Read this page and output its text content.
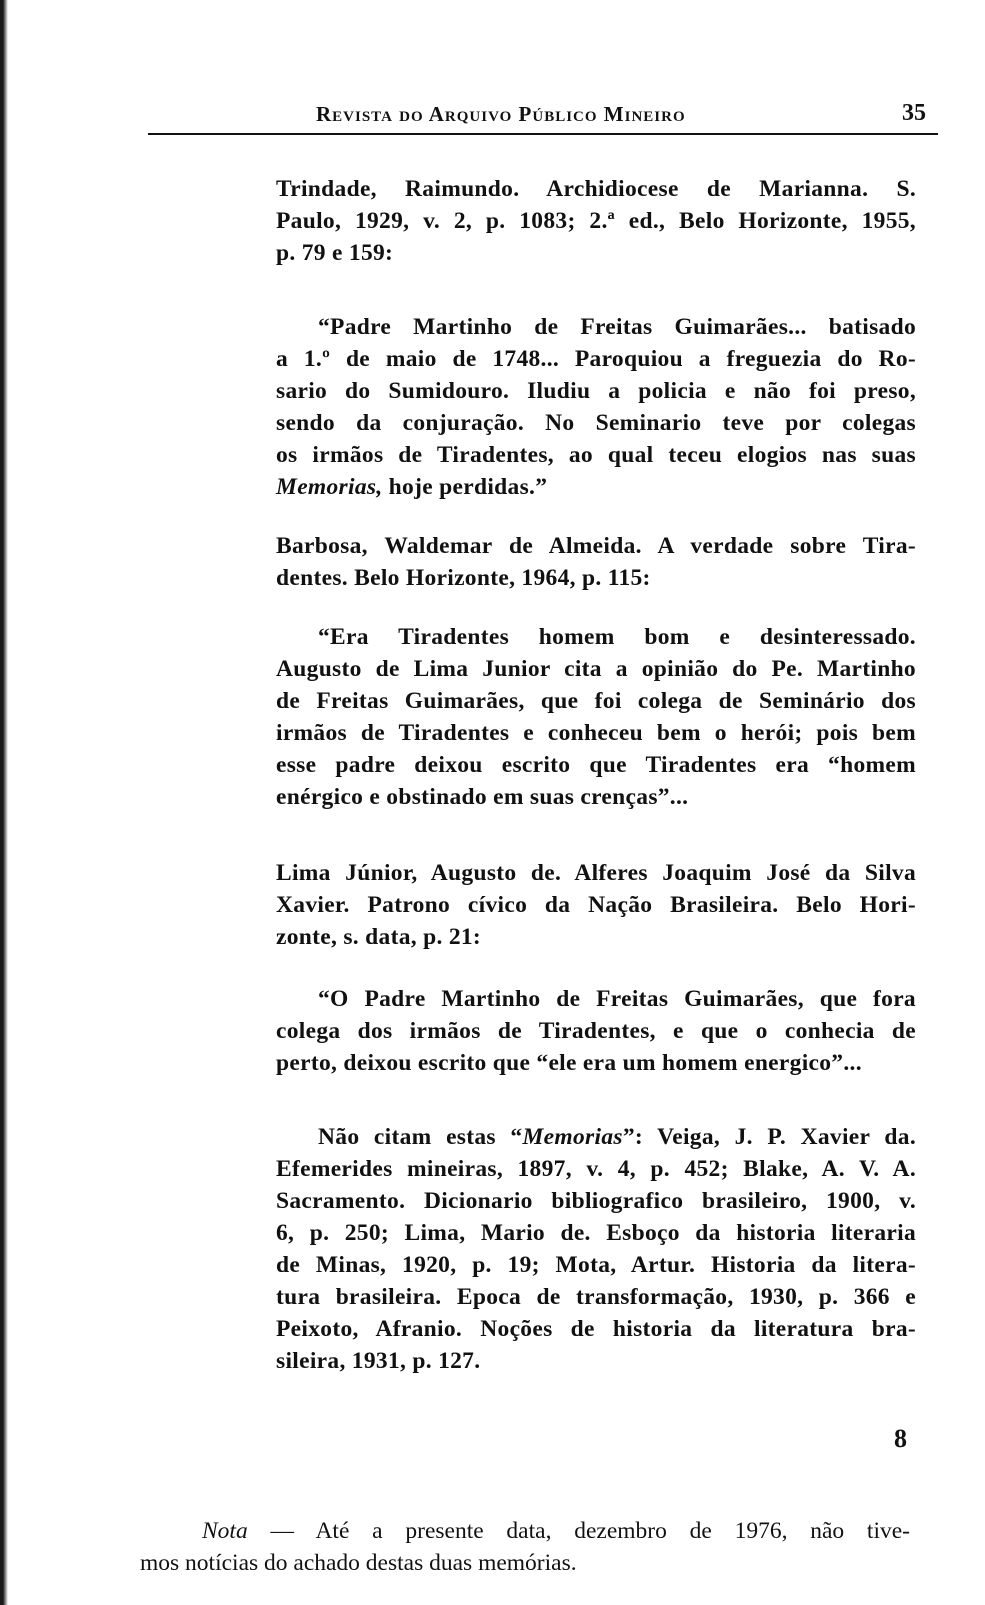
Revista do Arquivo Público Mineiro	35
Trindade, Raimundo. Archidiocese de Marianna. S.
Paulo, 1929, v. 2, p. 1083; 2.ª ed., Belo Horizonte, 1955,
p. 79 e 159:
“Padre Martinho de Freitas Guimarães... batisado
a 1.º de maio de 1748... Paroquiou a freguezia do Ro-
sario do Sumidouro. Iludiu a policia e não foi preso,
sendo da conjuração. No Seminario teve por colegas
os irmãos de Tiradentes, ao qual teceu elogios nas suas
Memorias, hoje perdidas.”
Barbosa, Waldemar de Almeida. A verdade sobre Tira-
dentes. Belo Horizonte, 1964, p. 115:
“Era Tiradentes homem bom e desinteressado.
Augusto de Lima Junior cita a opinião do Pe. Martinho
de Freitas Guimarães, que foi colega de Seminário dos
irmãos de Tiradentes e conheceu bem o herói; pois bem
esse padre deixou escrito que Tiradentes era “homem
enérgico e obstinado em suas crenças”...
Lima Júnior, Augusto de. Alferes Joaquim José da Silva
Xavier. Patrono cívico da Nação Brasileira. Belo Hori-
zonte, s. data, p. 21:
“O Padre Martinho de Freitas Guimarães, que fora
colega dos irmãos de Tiradentes, e que o conhecia de
perto, deixou escrito que “ele era um homem energico”...
Não citam estas “Memorias”: Veiga, J. P. Xavier da.
Efemerides mineiras, 1897, v. 4, p. 452; Blake, A. V. A.
Sacramento. Dicionario bibliografico brasileiro, 1900, v.
6, p. 250; Lima, Mario de. Esboço da historia literaria
de Minas, 1920, p. 19; Mota, Artur. Historia da litera-
tura brasileira. Epoca de transformação, 1930, p. 366 e
Peixoto, Afranio. Noções de historia da literatura bra-
sileira, 1931, p. 127.
8
Nota — Até a presente data, dezembro de 1976, não tive-
mos notícias do achado destas duas memórias.
